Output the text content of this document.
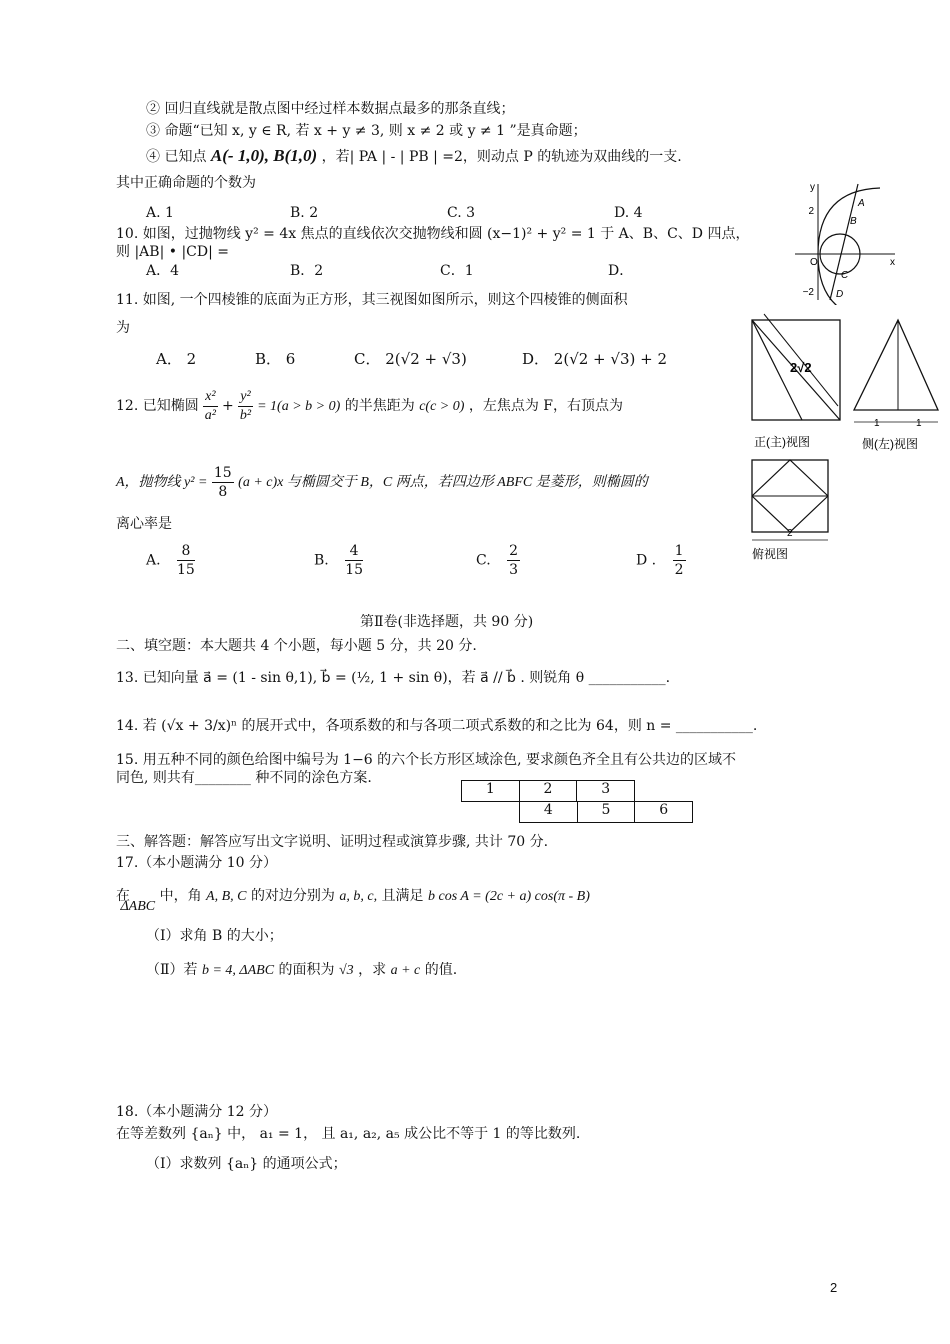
② 回归直线就是散点图中经过样本数据点最多的那条直线；
③ 命题“已知 x, y ∈ R, 若 x + y ≠ 3, 则 x ≠ 2 或 y ≠ 1 ”是真命题；
④ 已知点 A(- 1,0), B(1,0) ，若| PA | - | PB | =2，则动点 P 的轨迹为双曲线的一支.
其中正确命题的个数为
A. 1	B. 2	C. 3	D. 4
10. 如图，过抛物线 y² = 4x 焦点的直线依次交抛物线和圆 (x−1)² + y² = 1 于 A、B、C、D 四点，
则 |AB| • |CD| =
A．4	B．2	C．1	D．
y
x
O
2
−2
A
B
C
D
11. 如图, 一个四棱锥的底面为正方形，其三视图如图所示，则这个四棱锥的侧面积
为
A． 2	B． 6	C． 2(√2 + √3)	D． 2(√2 + √3) + 2	2√2
正(主)视图
1	1
侧(左)视图
2
俯视图
12. 已知椭圆 $\frac{\text{x²}}{\text{a²}} + \frac{\text{y²}}{\text{b²}} = 1(a > b > 0)$ 的半焦距为 c(c > 0) ，左焦点为 F，右顶点为
A，抛物线 $y^2 = \frac{15}{8} (a + c)x$ 与椭圆交于 B，C 两点，若四边形 ABFC 是菱形，则椭圆的
离心率是
A. $\frac{8}{15}$	B. $\frac{4}{15}$	C. $\frac{2}{3}$	D . $\frac{1}{2}$
第Ⅱ卷(非选择题，共 90 分)
二、填空题：本大题共 4 个小题，每小题 5 分，共 20 分.
13. 已知向量 a⃗ = (1 - sin θ,1), b⃗ = (½, 1 + sin θ)，若 a⃗ // b⃗ . 则锐角 θ ___________.
14. 若 (√x + 3/x)ⁿ 的展开式中，各项系数的和与各项二项式系数的和之比为 64，则 n = ___________.
15. 用五种不同的颜色给图中编号为 1−6 的六个长方形区域涂色, 要求颜色齐全且有公共边的区域不
同色, 则共有________ 种不同的涂色方案.
1	2	3
4	5	6
三、解答题：解答应写出文字说明、证明过程或演算步骤, 共计 70 分.
17.（本小题满分 10 分）
在 ΔABC 中，角 A, B, C 的对边分别为 a, b, c, 且满足 b cos A = (2c + a) cos(π - B)
（Ⅰ）求角 B 的大小；
（Ⅱ）若 b = 4, ΔABC 的面积为 √3 ，求 a + c 的值.
18.（本小题满分 12 分）
在等差数列 {aₙ} 中， a₁ = 1， 且 a₁, a₂, a₅ 成公比不等于 1 的等比数列.
（Ⅰ）求数列 {aₙ} 的通项公式；
2
